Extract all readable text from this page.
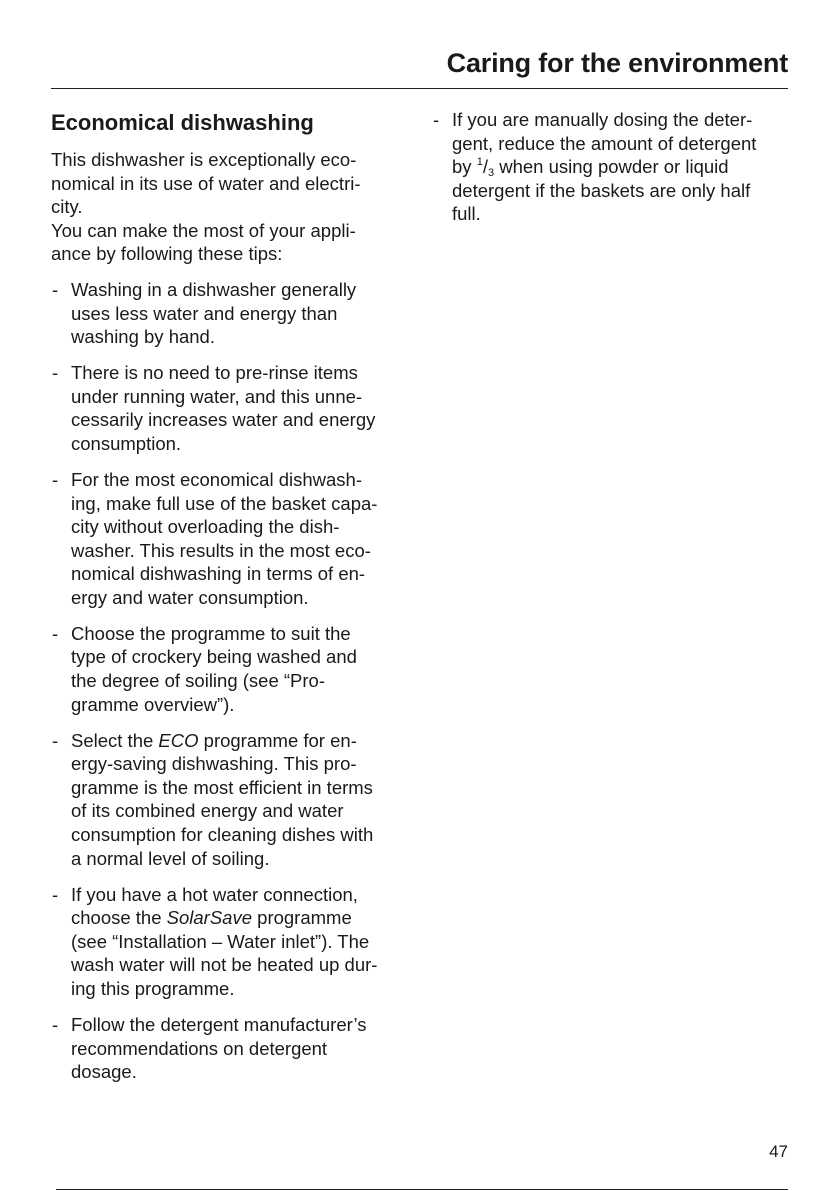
Caring for the environment
Economical dishwashing

This dishwasher is exceptionally eco-
nomical in its use of water and electri-
city.
You can make the most of your appli-
ance by following these tips:

- Washing in a dishwasher generally
uses less water and energy than
washing by hand.
- There is no need to pre-rinse items
under running water, and this unne-
cessarily increases water and energy
consumption.
- For the most economical dishwash-
ing, make full use of the basket capa-
city without overloading the dish-
washer. This results in the most eco-
nomical dishwashing in terms of en-
ergy and water consumption.
- Choose the programme to suit the
type of crockery being washed and
the degree of soiling (see “Pro-
gramme overview”).
- Select the ECO programme for en-
ergy-saving dishwashing. This pro-
gramme is the most efficient in terms
of its combined energy and water
consumption for cleaning dishes with
a normal level of soiling.
- If you have a hot water connection,
choose the SolarSave programme
(see “Installation – Water inlet”). The
wash water will not be heated up dur-
ing this programme.
- Follow the detergent manufacturer’s
recommendations on detergent
dosage.
- If you are manually dosing the deter-
gent, reduce the amount of detergent
by $^1/_3$ when using powder or liquid
detergent if the baskets are only half
full.
47
